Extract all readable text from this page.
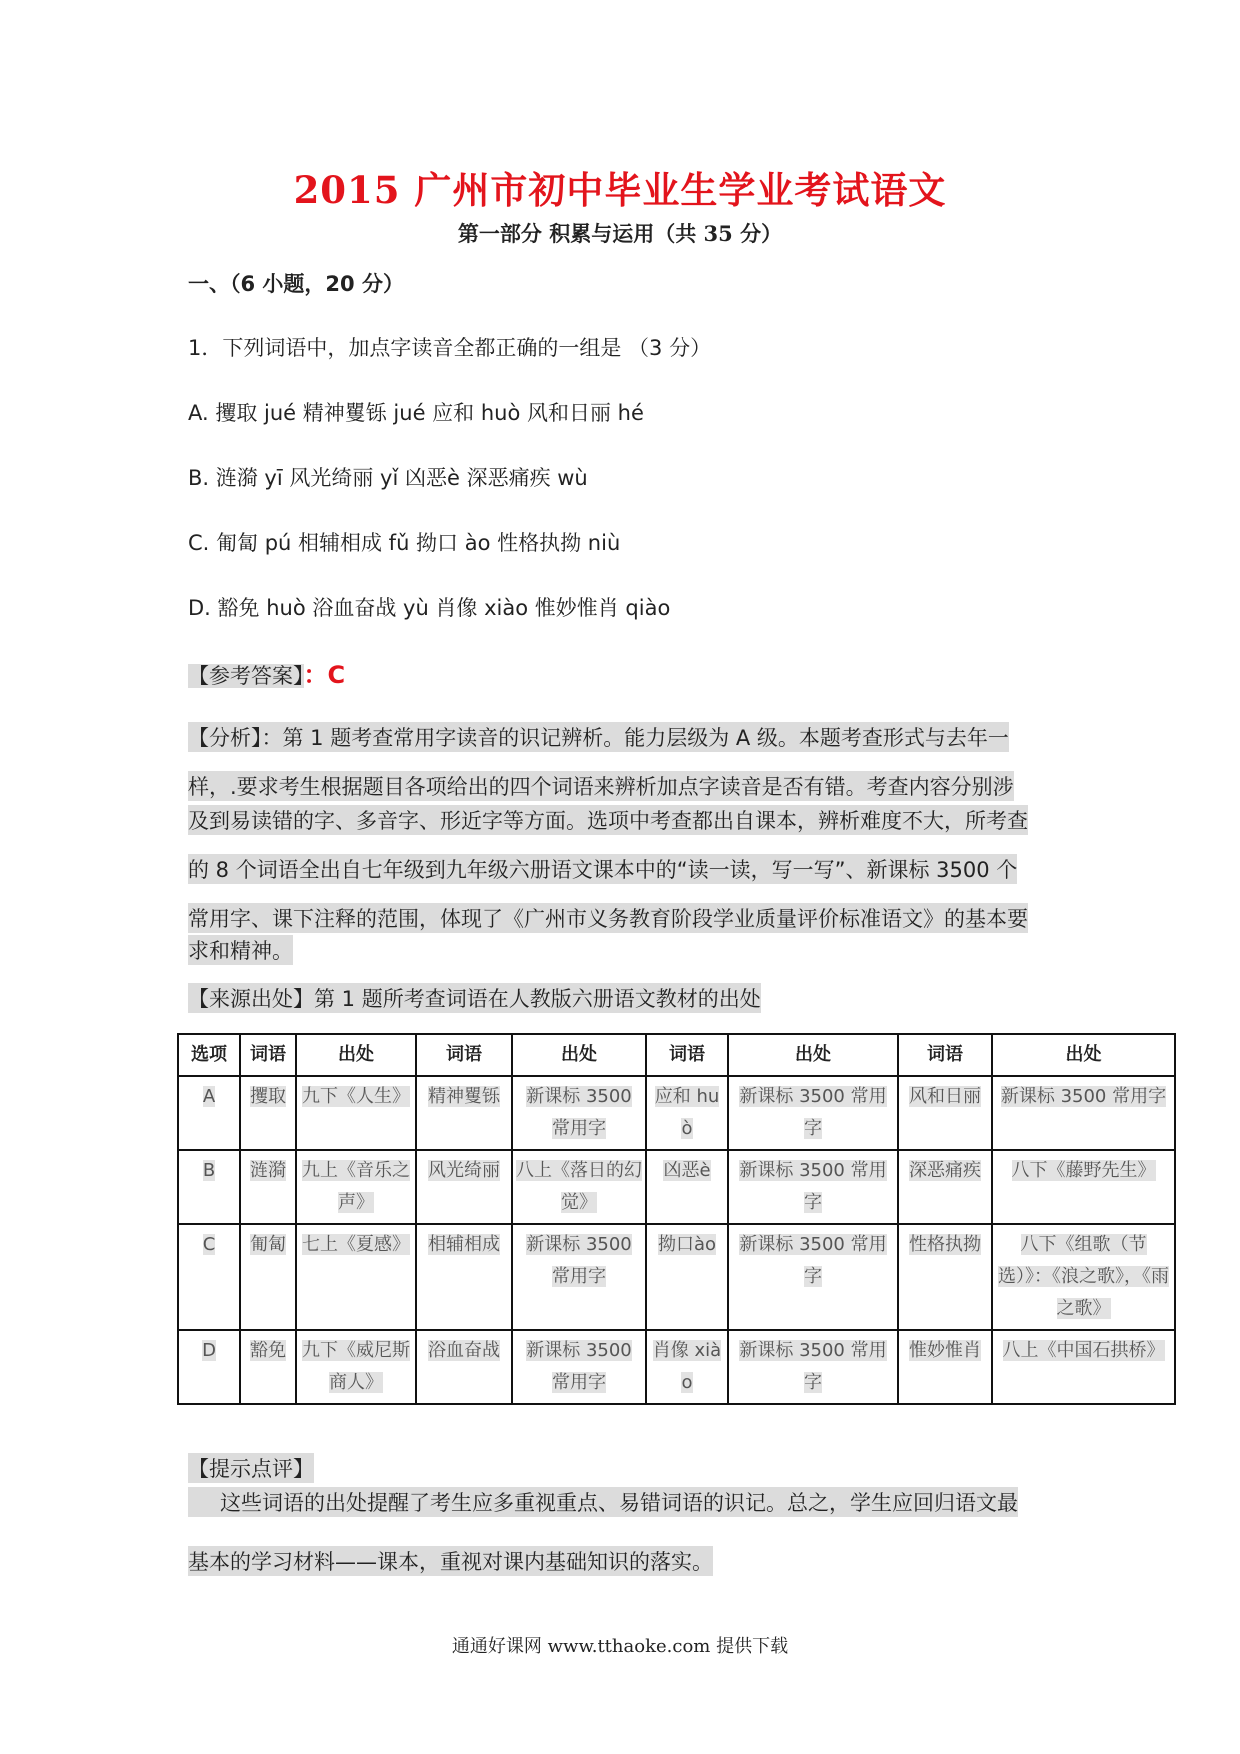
2015 广州市初中毕业生学业考试语文
第一部分 积累与运用（共 35 分）
一、（6 小题，20 分）
1．下列词语中，加点字读音全都正确的一组是 （3 分）
A. 攫取 jué 精神矍铄 jué 应和 huò 风和日丽 hé
B. 涟漪 yī 风光绮丽 yǐ 凶恶è 深恶痛疾 wù
C. 匍匐 pú 相辅相成 fǔ 拗口 ào 性格执拗 niù
D. 豁免 huò 浴血奋战 yù 肖像 xiào 惟妙惟肖 qiào
【参考答案】：C
【分析】：第 1 题考查常用字读音的识记辨析。能力层级为 A 级。本题考查形式与去年一
样，.要求考生根据题目各项给出的四个词语来辨析加点字读音是否有错。考查内容分别涉
及到易读错的字、多音字、形近字等方面。选项中考查都出自课本，辨析难度不大，所考查
的 8 个词语全出自七年级到九年级六册语文课本中的“读一读，写一写”、新课标 3500 个
常用字、课下注释的范围，体现了《广州市义务教育阶段学业质量评价标准语文》的基本要
求和精神。
【来源出处】第 1 题所考查词语在人教版六册语文教材的出处
选项	词语	出处	词语	出处	词语	出处	词语	出处
A	攫取	九下《人生》	精神矍铄	新课标 3500 常用字	应和 huò	新课标 3500 常用字	风和日丽	新课标 3500 常用字
B	涟漪	九上《音乐之声》	风光绮丽	八上《落日的幻觉》	凶恶è	新课标 3500 常用字	深恶痛疾	八下《藤野先生》
C	匍匐	七上《夏感》	相辅相成	新课标 3500 常用字	拗口ào	新课标 3500 常用字	性格执拗	八下《组歌（节选）》：《浪之歌》，《雨之歌》
D	豁免	九下《威尼斯商人》	浴血奋战	新课标 3500 常用字	肖像 xiào	新课标 3500 常用字	惟妙惟肖	八上《中国石拱桥》
【提示点评】
这些词语的出处提醒了考生应多重视重点、易错词语的识记。总之，学生应回归语文最
基本的学习材料——课本，重视对课内基础知识的落实。
通通好课网 www.tthaoke.com 提供下载
